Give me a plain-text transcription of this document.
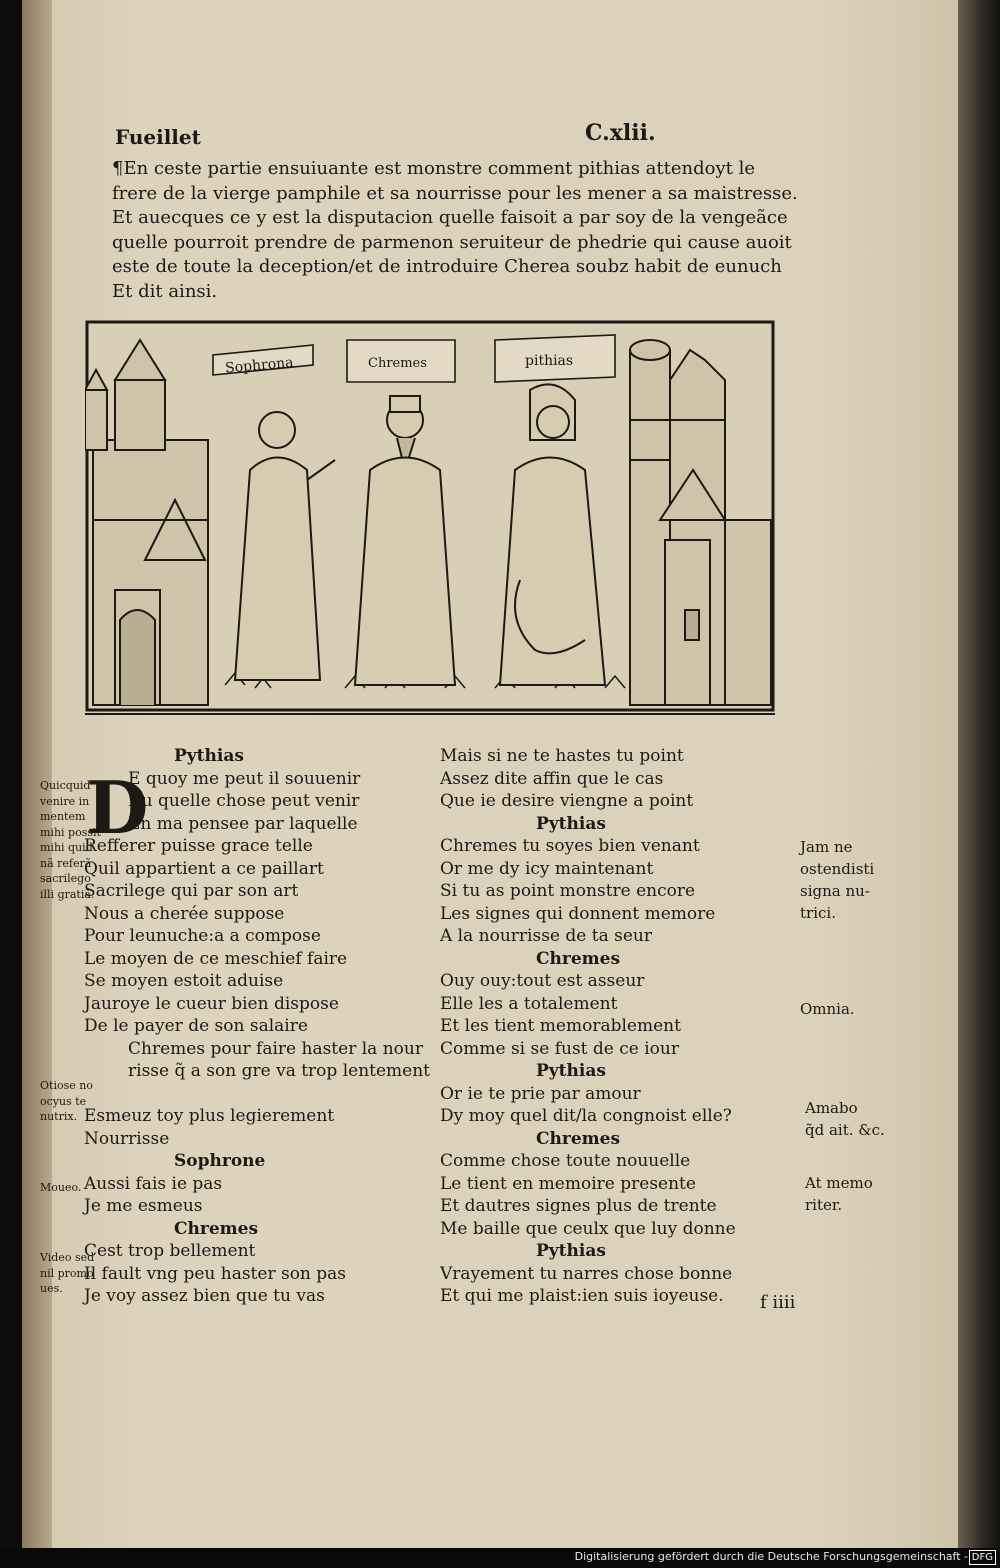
Fueillet	C.xlii.
¶En ceste partie ensuiuante est monstre comment pithias attendoyt le
frere de la vierge pamphile et sa nourrisse pour les mener a sa maistresse.
Et auecques ce y est la disputacion quelle faisoit a par soy de la vengeãce
quelle pourroit prendre de parmenon seruiteur de phedrie qui cause auoit
este de toute la deception/et de introduire Cherea soubz habit de eunuch
Et dit ainsi.
Sophrona	Chremes	pithias
D
Pythias
E quoy me peut il souuenir
Du quelle chose peut venir
En ma pensee par laquelle
Refferer puisse grace telle
Quil appartient a ce paillart
Sacrilege qui par son art
Nous a cherée suppose
Pour leunuche:a a compose
Le moyen de ce meschief faire
Se moyen estoit aduise
Jauroye le cueur bien dispose
De le payer de son salaire
Chremes pour faire haster la nour
risse q̃ a son gre va trop lentement
Esmeuz toy plus legierement
Nourrisse
Sophrone
Aussi fais ie pas
Je me esmeus
Chremes
Cest trop bellement
Il fault vng peu haster son pas
Je voy assez bien que tu vas
Mais si ne te hastes tu point
Assez dite affin que le cas
Que ie desire viengne a point
Pythias
Chremes tu soyes bien venant
Or me dy icy maintenant
Si tu as point monstre encore
Les signes qui donnent memore
A la nourrisse de ta seur
Chremes
Ouy ouy:tout est asseur
Elle les a totalement
Et les tient memorablement
Comme si se fust de ce iour
Pythias
Or ie te prie par amour
Dy moy quel dit/la congnoist elle?
Chremes
Comme chose toute nouuelle
Le tient en memoire presente
Et dautres signes plus de trente
Me baille que ceulx que luy donne
Pythias
Vrayement tu narres chose bonne
Et qui me plaist:ien suis ioyeuse.	f iiii
Quicquid
venire in
mentem
mihi possit
mihi quid
nã referã
sacrilego
illi gratiã.
Otiose no
ocyus te
nutrix.
Moueo.
Video sed
nil promo
ues.
Jam ne
ostendisti
signa nu-
trici.
Omnia.
Amabo
q̃d ait. &c.
At memo
riter.
Digitalisierung gefördert durch die Deutsche Forschungsgemeinschaft - DFG
